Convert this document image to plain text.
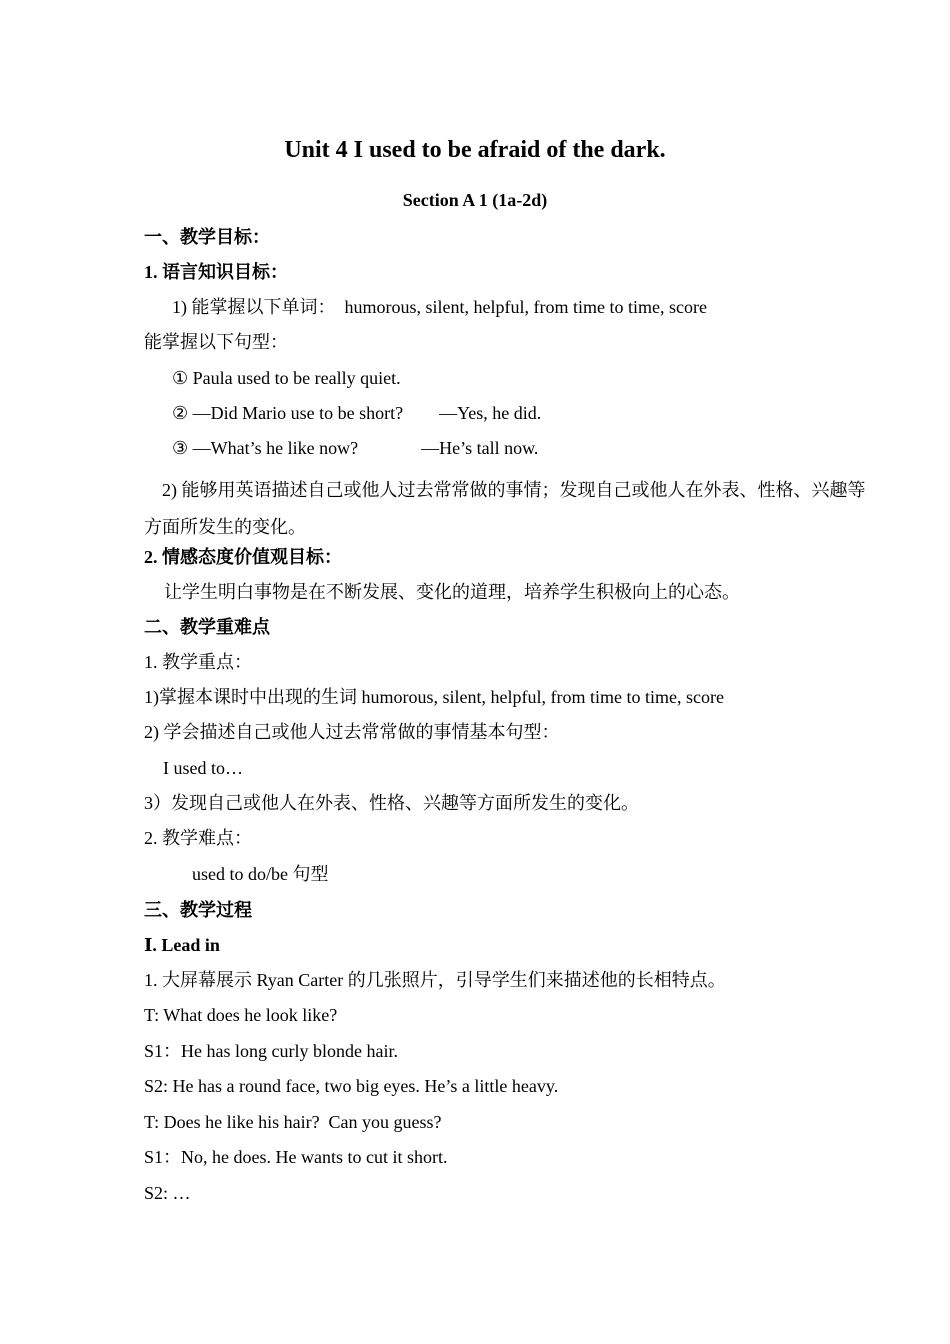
Unit 4 I used to be afraid of the dark.
Section A 1 (1a-2d)
一、教学目标：
1. 语言知识目标：
1) 能掌握以下单词：  humorous, silent, helpful, from time to time, score
能掌握以下句型：
① Paula used to be really quiet.
② —Did Mario use to be short?        —Yes, he did.
③ —What’s he like now?              —He’s tall now.
2) 能够用英语描述自己或他人过去常常做的事情；发现自己或他人在外表、性格、兴趣等方面所发生的变化。
2. 情感态度价值观目标：
让学生明白事物是在不断发展、变化的道理，培养学生积极向上的心态。
二、教学重难点
1. 教学重点：
1)掌握本课时中出现的生词 humorous, silent, helpful, from time to time, score
2) 学会描述自己或他人过去常常做的事情基本句型：
I used to…
3）发现自己或他人在外表、性格、兴趣等方面所发生的变化。
2. 教学难点：
used to do/be 句型
三、教学过程
Ⅰ. Lead in
1. 大屏幕展示 Ryan Carter 的几张照片，引导学生们来描述他的长相特点。
T: What does he look like?
S1：He has long curly blonde hair.
S2: He has a round face, two big eyes. He’s a little heavy.
T: Does he like his hair?  Can you guess?
S1：No, he does. He wants to cut it short.
S2: …
